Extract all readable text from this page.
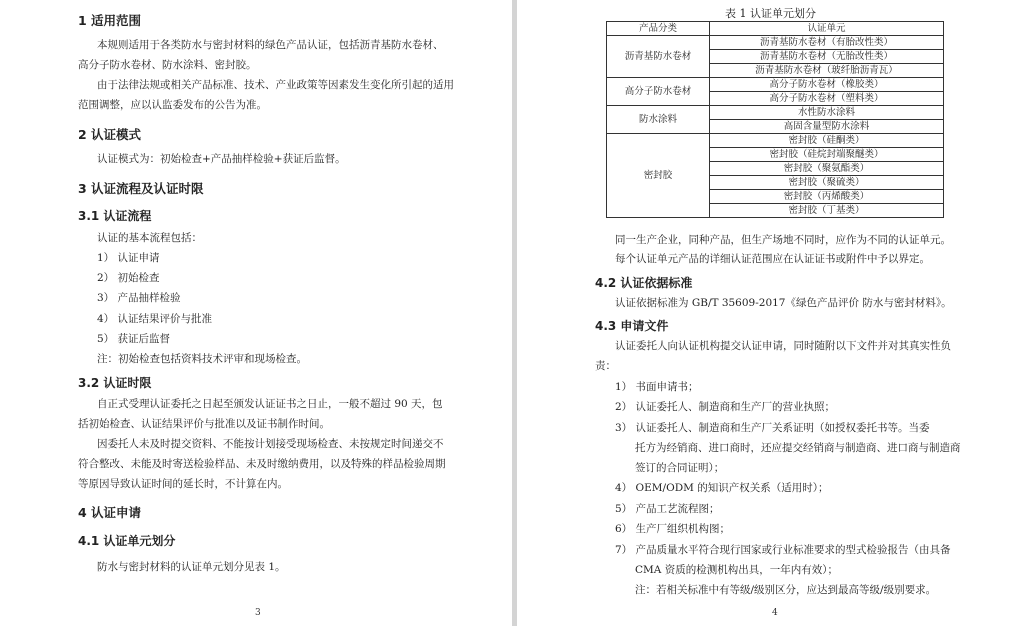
1 适用范围
本规则适用于各类防水与密封材料的绿色产品认证，包括沥青基防水卷材、
高分子防水卷材、防水涂料、密封胶。
由于法律法规或相关产品标准、技术、产业政策等因素发生变化所引起的适用
范围调整，应以认监委发布的公告为准。
2 认证模式
认证模式为：初始检查+产品抽样检验+获证后监督。
3 认证流程及认证时限
3.1 认证流程
认证的基本流程包括：
1） 认证申请
2） 初始检查
3） 产品抽样检验
4） 认证结果评价与批准
5） 获证后监督
注：初始检查包括资料技术评审和现场检查。
3.2 认证时限
自正式受理认证委托之日起至颁发认证证书之日止，一般不超过 90 天，包
括初始检查、认证结果评价与批准以及证书制作时间。
因委托人未及时提交资料、不能按计划接受现场检查、未按规定时间递交不
符合整改、未能及时寄送检验样品、未及时缴纳费用，以及特殊的样品检验周期
等原因导致认证时间的延长时，不计算在内。
4 认证申请
4.1 认证单元划分
防水与密封材料的认证单元划分见表 1。
3
表 1 认证单元划分
产品分类	认证单元
沥青基防水卷材	沥青基防水卷材（有胎改性类）
	沥青基防水卷材（无胎改性类）
	沥青基防水卷材（玻纤胎沥青瓦）
高分子防水卷材	高分子防水卷材（橡胶类）
	高分子防水卷材（塑料类）
防水涂料	水性防水涂料
	高固含量型防水涂料
密封胶	密封胶（硅酮类）
	密封胶（硅烷封端聚醚类）
	密封胶（聚氨酯类）
	密封胶（聚硫类）
	密封胶（丙烯酸类）
	密封胶（丁基类）
同一生产企业，同种产品，但生产场地不同时，应作为不同的认证单元。
每个认证单元产品的详细认证范围应在认证证书或附件中予以界定。
4.2 认证依据标准
认证依据标准为 GB/T 35609-2017《绿色产品评价 防水与密封材料》。
4.3 申请文件
认证委托人向认证机构提交认证申请，同时随附以下文件并对其真实性负
责：
1） 书面申请书；
2） 认证委托人、制造商和生产厂的营业执照；
3） 认证委托人、制造商和生产厂关系证明（如授权委托书等。当委
托方为经销商、进口商时，还应提交经销商与制造商、进口商与制造商
签订的合同证明）；
4） OEM/ODM 的知识产权关系（适用时）；
5） 产品工艺流程图；
6） 生产厂组织机构图；
7） 产品质量水平符合现行国家或行业标准要求的型式检验报告（由具备
CMA 资质的检测机构出具，一年内有效）；
注：若相关标准中有等级/级别区分，应达到最高等级/级别要求。
4
